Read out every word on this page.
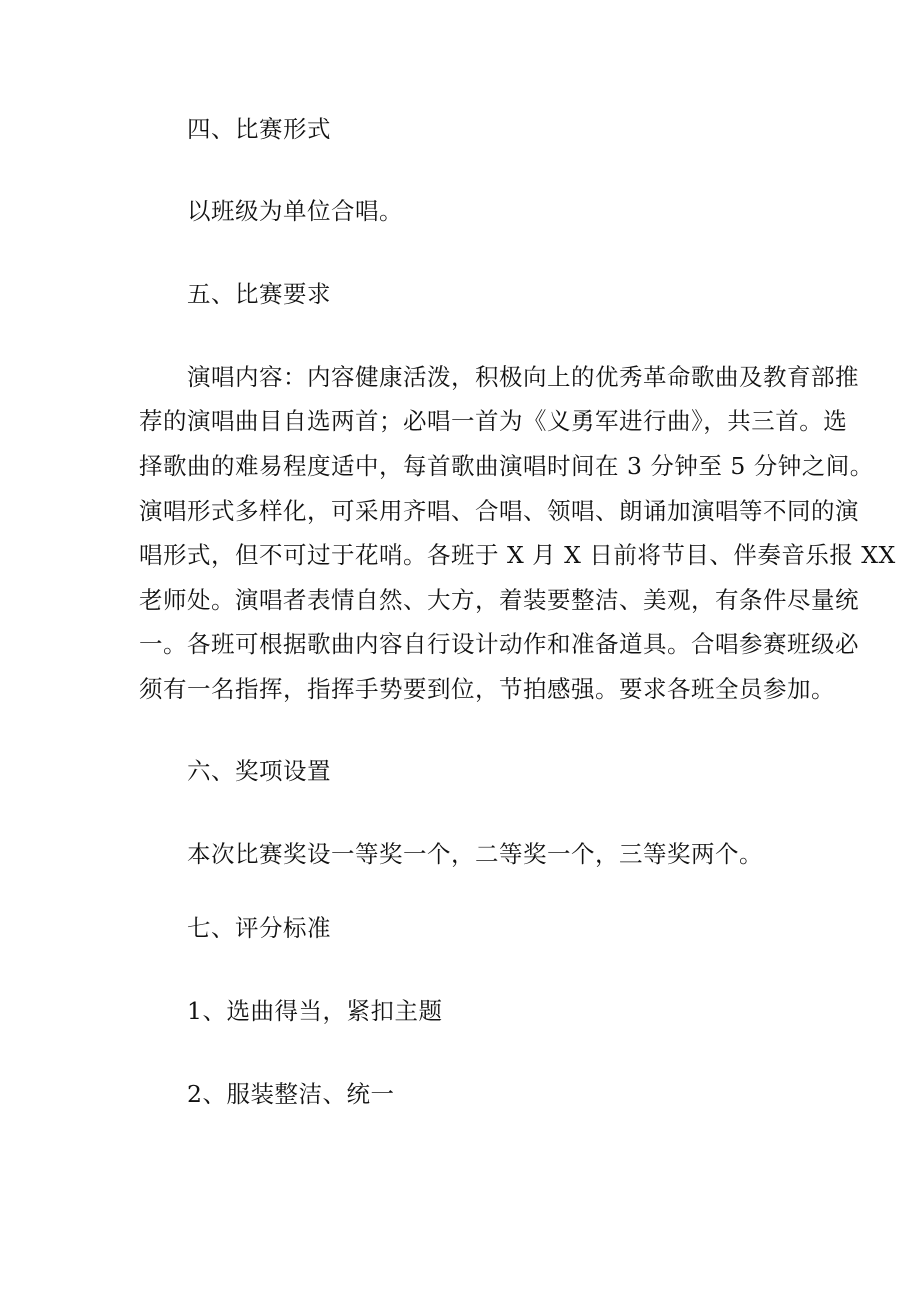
四、比赛形式
以班级为单位合唱。
五、比赛要求
演唱内容：内容健康活泼，积极向上的优秀革命歌曲及教育部推
荐的演唱曲目自选两首；必唱一首为《义勇军进行曲》，共三首。选
择歌曲的难易程度适中，每首歌曲演唱时间在 3 分钟至 5 分钟之间。
演唱形式多样化，可采用齐唱、合唱、领唱、朗诵加演唱等不同的演
唱形式，但不可过于花哨。各班于 X 月 X 日前将节目、伴奏音乐报 XX
老师处。演唱者表情自然、大方，着装要整洁、美观，有条件尽量统
一。各班可根据歌曲内容自行设计动作和准备道具。合唱参赛班级必
须有一名指挥，指挥手势要到位，节拍感强。要求各班全员参加。
六、奖项设置
本次比赛奖设一等奖一个，二等奖一个，三等奖两个。
七、评分标准
1、选曲得当，紧扣主题
2、服装整洁、统一
